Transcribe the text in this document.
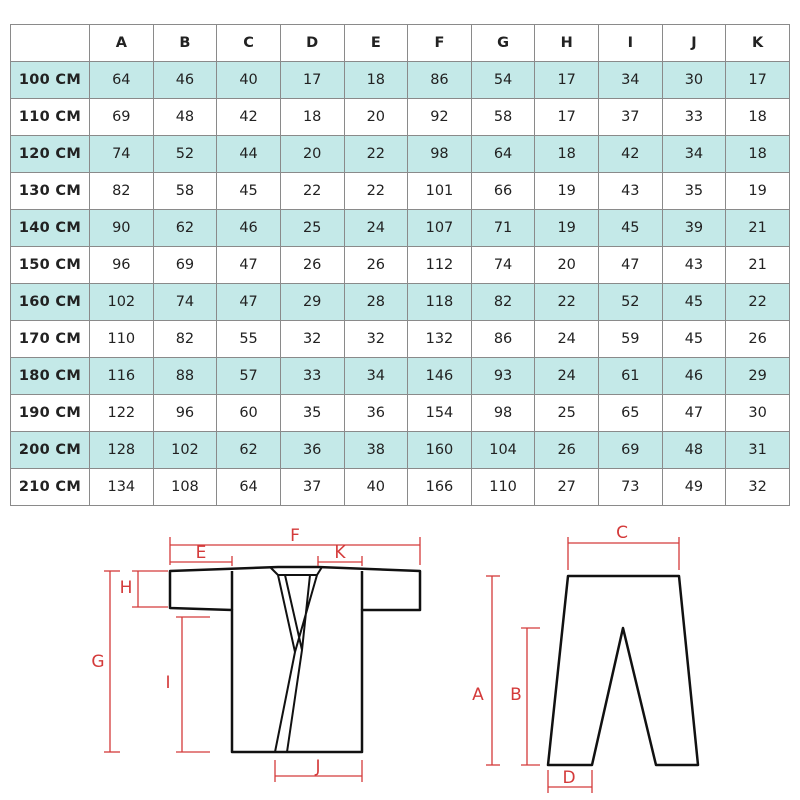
	A	B	C	D	E	F	G	H	I	J	K
100 CM	64	46	40	17	18	86	54	17	34	30	17
110 CM	69	48	42	18	20	92	58	17	37	33	18
120 CM	74	52	44	20	22	98	64	18	42	34	18
130 CM	82	58	45	22	22	101	66	19	43	35	19
140 CM	90	62	46	25	24	107	71	19	45	39	21
150 CM	96	69	47	26	26	112	74	20	47	43	21
160 CM	102	74	47	29	28	118	82	22	52	45	22
170 CM	110	82	55	32	32	132	86	24	59	45	26
180 CM	116	88	57	33	34	146	93	24	61	46	29
190 CM	122	96	60	35	36	154	98	25	65	47	30
200 CM	128	102	62	36	38	160	104	26	69	48	31
210 CM	134	108	64	37	40	166	110	27	73	49	32
F
E	K
H
G
I
J
C
A B
D
